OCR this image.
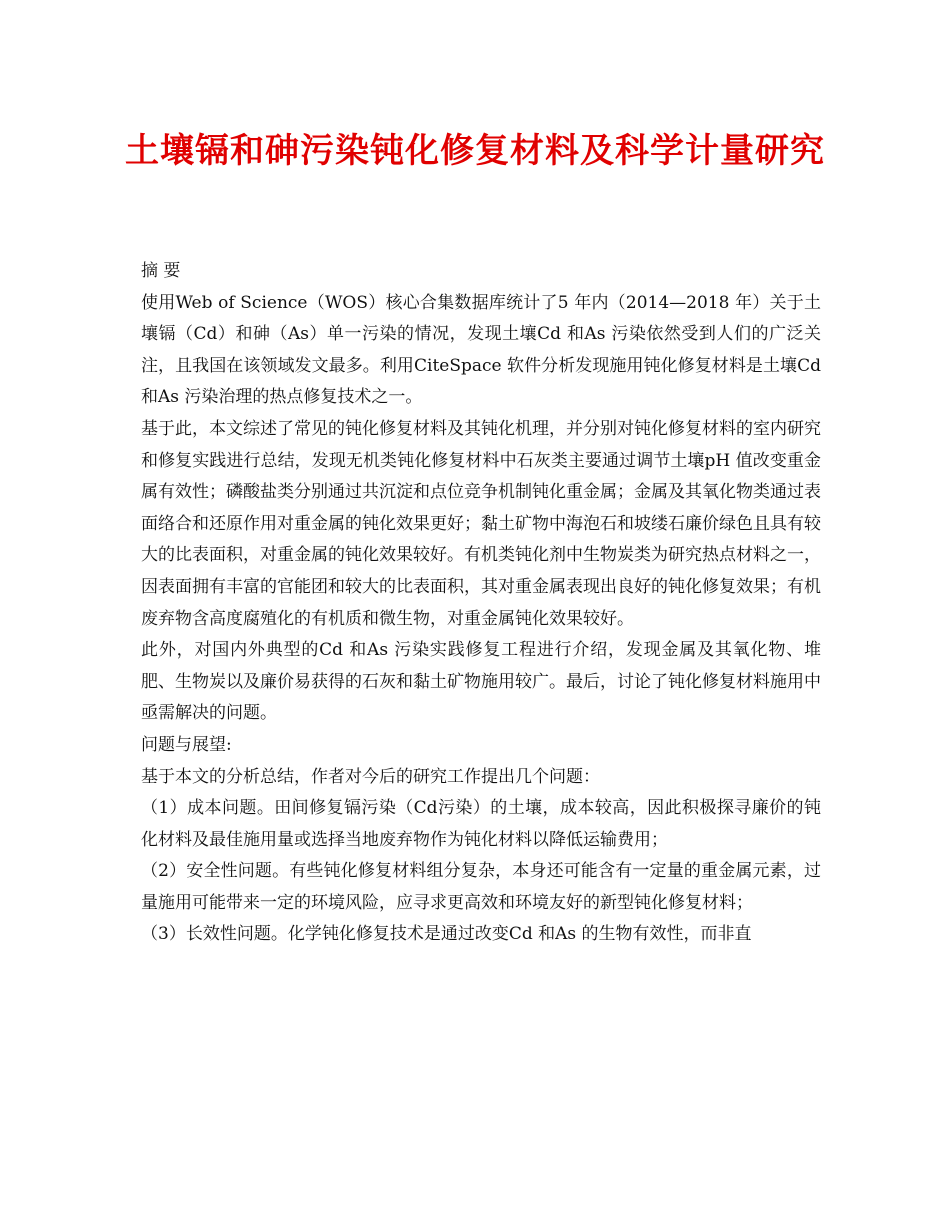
土壤镉和砷污染钝化修复材料及科学计量研究

摘 要

使用Web of Science（WOS）核心合集数据库统计了5 年内（2014—2018 年）关于土壤镉（Cd）和砷（As）单一污染的情况，发现土壤Cd 和As 污染依然受到人们的广泛关注，且我国在该领域发文最多。利用CiteSpace 软件分析发现施用钝化修复材料是土壤Cd 和As 污染治理的热点修复技术之一。

基于此，本文综述了常见的钝化修复材料及其钝化机理，并分别对钝化修复材料的室内研究和修复实践进行总结，发现无机类钝化修复材料中石灰类主要通过调节土壤pH 值改变重金属有效性；磷酸盐类分别通过共沉淀和点位竞争机制钝化重金属；金属及其氧化物类通过表面络合和还原作用对重金属的钝化效果更好；黏土矿物中海泡石和坡缕石廉价绿色且具有较大的比表面积，对重金属的钝化效果较好。有机类钝化剂中生物炭类为研究热点材料之一，因表面拥有丰富的官能团和较大的比表面积，其对重金属表现出良好的钝化修复效果；有机废弃物含高度腐殖化的有机质和微生物，对重金属钝化效果较好。

此外，对国内外典型的Cd 和As 污染实践修复工程进行介绍，发现金属及其氧化物、堆肥、生物炭以及廉价易获得的石灰和黏土矿物施用较广。最后，讨论了钝化修复材料施用中亟需解决的问题。

问题与展望:

基于本文的分析总结，作者对今后的研究工作提出几个问题：

（1）成本问题。田间修复镉污染（Cd污染）的土壤，成本较高，因此积极探寻廉价的钝化材料及最佳施用量或选择当地废弃物作为钝化材料以降低运输费用；

（2）安全性问题。有些钝化修复材料组分复杂，本身还可能含有一定量的重金属元素，过量施用可能带来一定的环境风险，应寻求更高效和环境友好的新型钝化修复材料；

（3）长效性问题。化学钝化修复技术是通过改变Cd 和As 的生物有效性，而非直
